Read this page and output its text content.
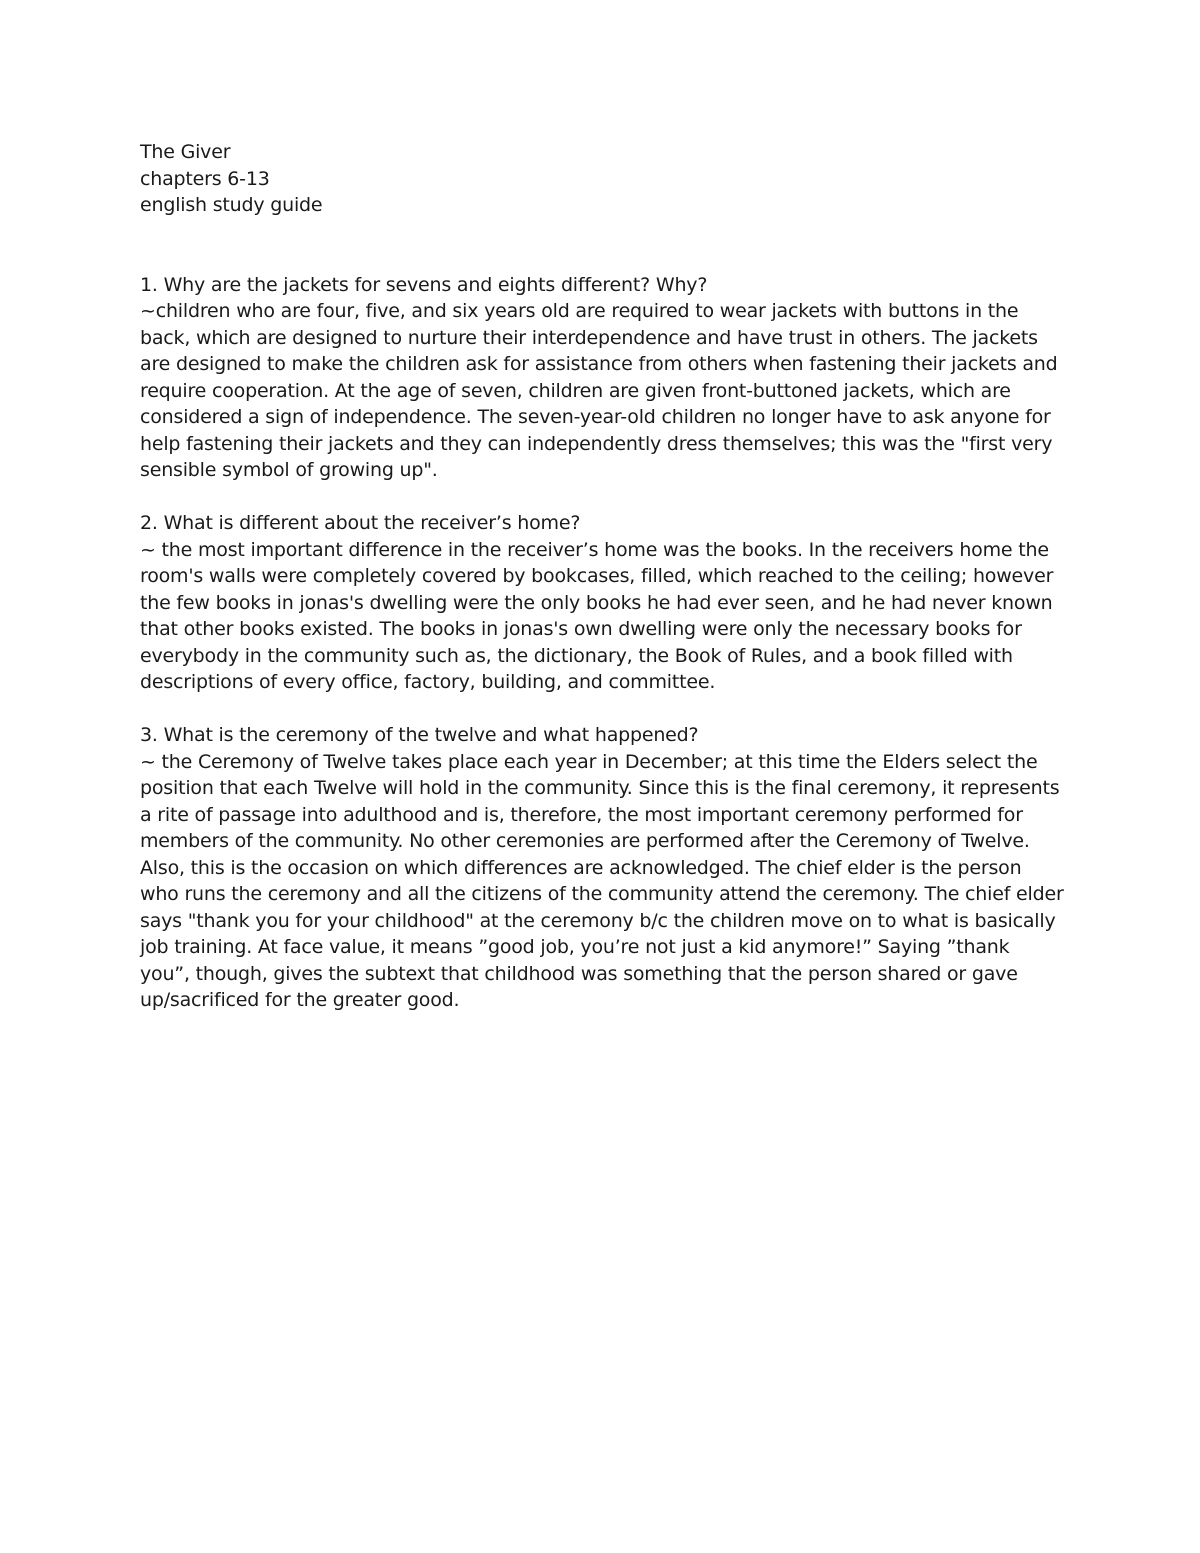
The Giver

chapters 6-13

english study guide

1. Why are the jackets for sevens and eights different? Why?

~children who are four, five, and six years old are required to wear jackets with buttons in the back, which are designed to nurture their interdependence and have trust in others. The jackets are designed to make the children ask for assistance from others when fastening their jackets and require cooperation. At the age of seven, children are given front-buttoned jackets, which are considered a sign of independence. The seven-year-old children no longer have to ask anyone for help fastening their jackets and they can independently dress themselves; this was the "first very sensible symbol of growing up".

2. What is different about the receiver’s home?

~ the most important difference in the receiver’s home was the books. In the receivers home the room's walls were completely covered by bookcases, filled, which reached to the ceiling; however the few books in jonas's dwelling were the only books he had ever seen, and he had never known that other books existed. The books in jonas's own dwelling were only the necessary books for everybody in the community such as, the dictionary, the Book of Rules, and a book filled with descriptions of every office, factory, building, and committee.

3. What is the ceremony of the twelve and what happened?

~ the Ceremony of Twelve takes place each year in December; at this time the Elders select the position that each Twelve will hold in the community. Since this is the final ceremony, it represents a rite of passage into adulthood and is, therefore, the most important ceremony performed for members of the community. No other ceremonies are performed after the Ceremony of Twelve. Also, this is the occasion on which differences are acknowledged. The chief elder is the person who runs the ceremony and all the citizens of the community attend the ceremony. The chief elder says "thank you for your childhood" at the ceremony b/c the children move on to what is basically job training. At face value, it means ”good job, you’re not just a kid anymore!” Saying ”thank you”, though, gives the subtext that childhood was something that the person shared or gave up/sacrificed for the greater good.
